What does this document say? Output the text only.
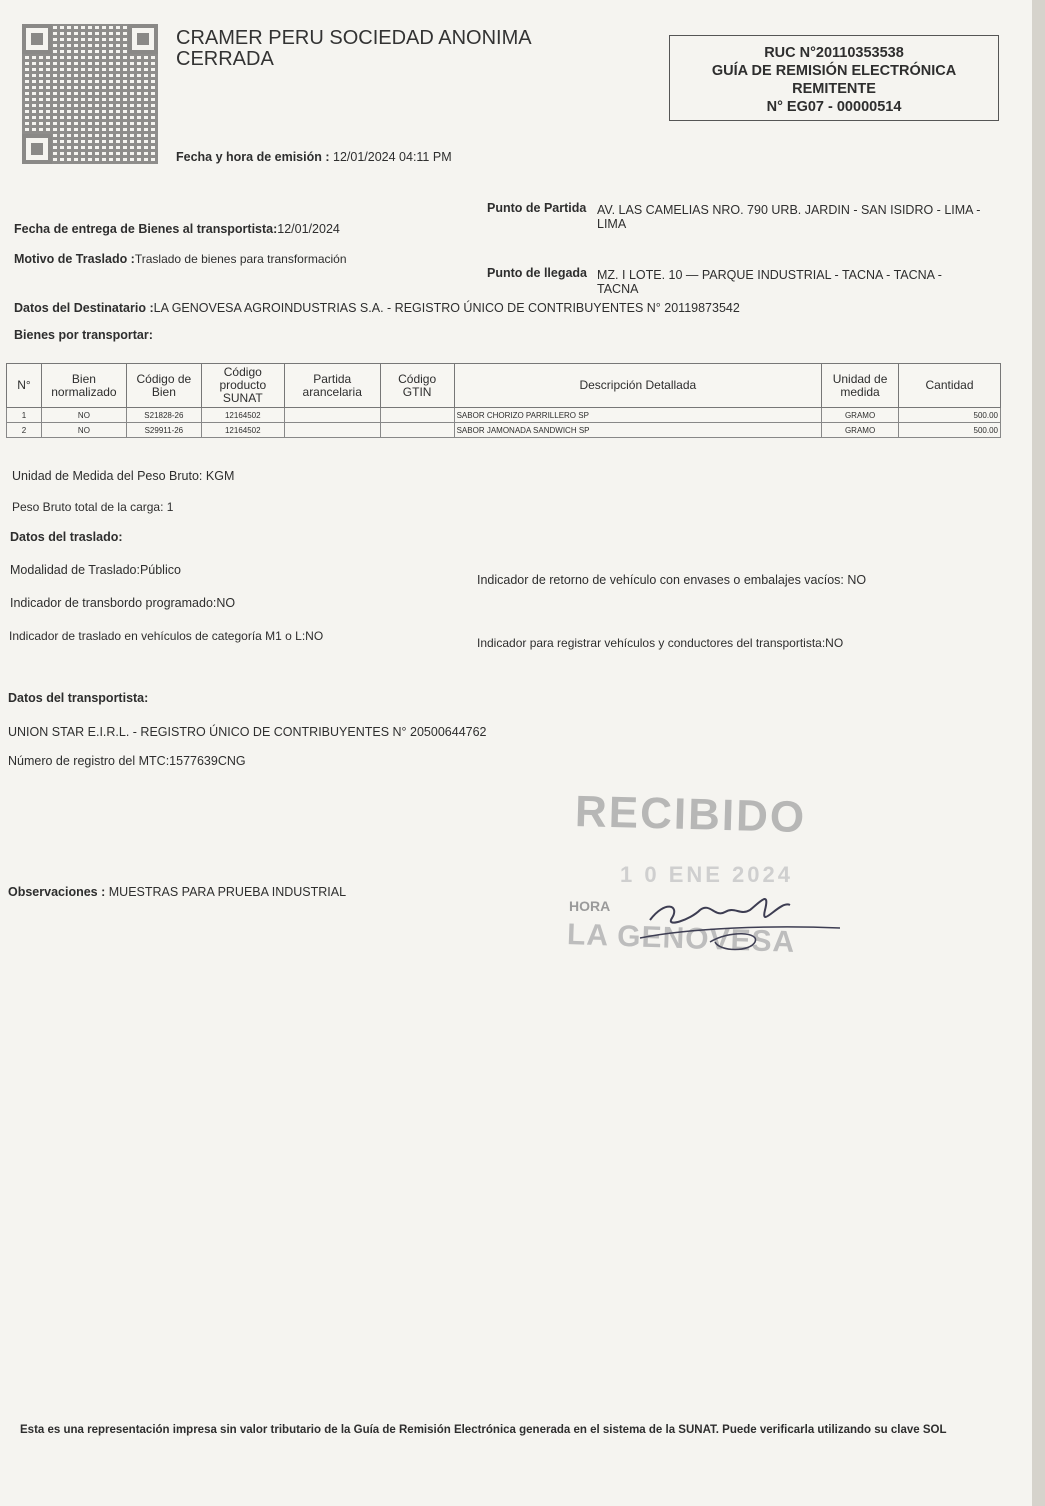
CRAMER PERU SOCIEDAD ANONIMA
CERRADA	RUC N°20110353538
GUÍA DE REMISIÓN ELECTRÓNICA
REMITENTE
N° EG07 - 00000514
Fecha y hora de emisión : 12/01/2024 04:11 PM
Punto de Partida AV. LAS CAMELIAS NRO. 790 URB. JARDIN - SAN ISIDRO - LIMA - LIMA
Fecha de entrega de Bienes al transportista:12/01/2024
Motivo de Traslado :Traslado de bienes para transformación
Punto de llegada MZ. I LOTE. 10 — PARQUE INDUSTRIAL - TACNA - TACNA - TACNA
Datos del Destinatario :LA GENOVESA AGROINDUSTRIAS S.A. - REGISTRO ÚNICO DE CONTRIBUYENTES N° 20119873542
Bienes por transportar:
N°	Bien normalizado	Código de Bien	Código producto SUNAT	Partida arancelaria	Código GTIN	Descripción Detallada	Unidad de medida	Cantidad
1	NO	S21828-26	12164502			SABOR CHORIZO PARRILLERO SP	GRAMO	500.00
2	NO	S29911-26	12164502			SABOR JAMONADA SANDWICH SP	GRAMO	500.00
Unidad de Medida del Peso Bruto: KGM
Peso Bruto total de la carga: 1
Datos del traslado:
Modalidad de Traslado:Público
Indicador de retorno de vehículo con envases o embalajes vacíos: NO
Indicador de transbordo programado:NO
Indicador de traslado en vehículos de categoría M1 o L:NO	Indicador para registrar vehículos y conductores del transportista:NO
Datos del transportista:
UNION STAR E.I.R.L. - REGISTRO ÚNICO DE CONTRIBUYENTES N° 20500644762
Número de registro del MTC:1577639CNG
Observaciones : MUESTRAS PARA PRUEBA INDUSTRIAL
RECIBIDO
1 0 ENE 2024
HORA
LA GENOVESA
Esta es una representación impresa sin valor tributario de la Guía de Remisión Electrónica generada en el sistema de la SUNAT. Puede verificarla utilizando su clave SOL
